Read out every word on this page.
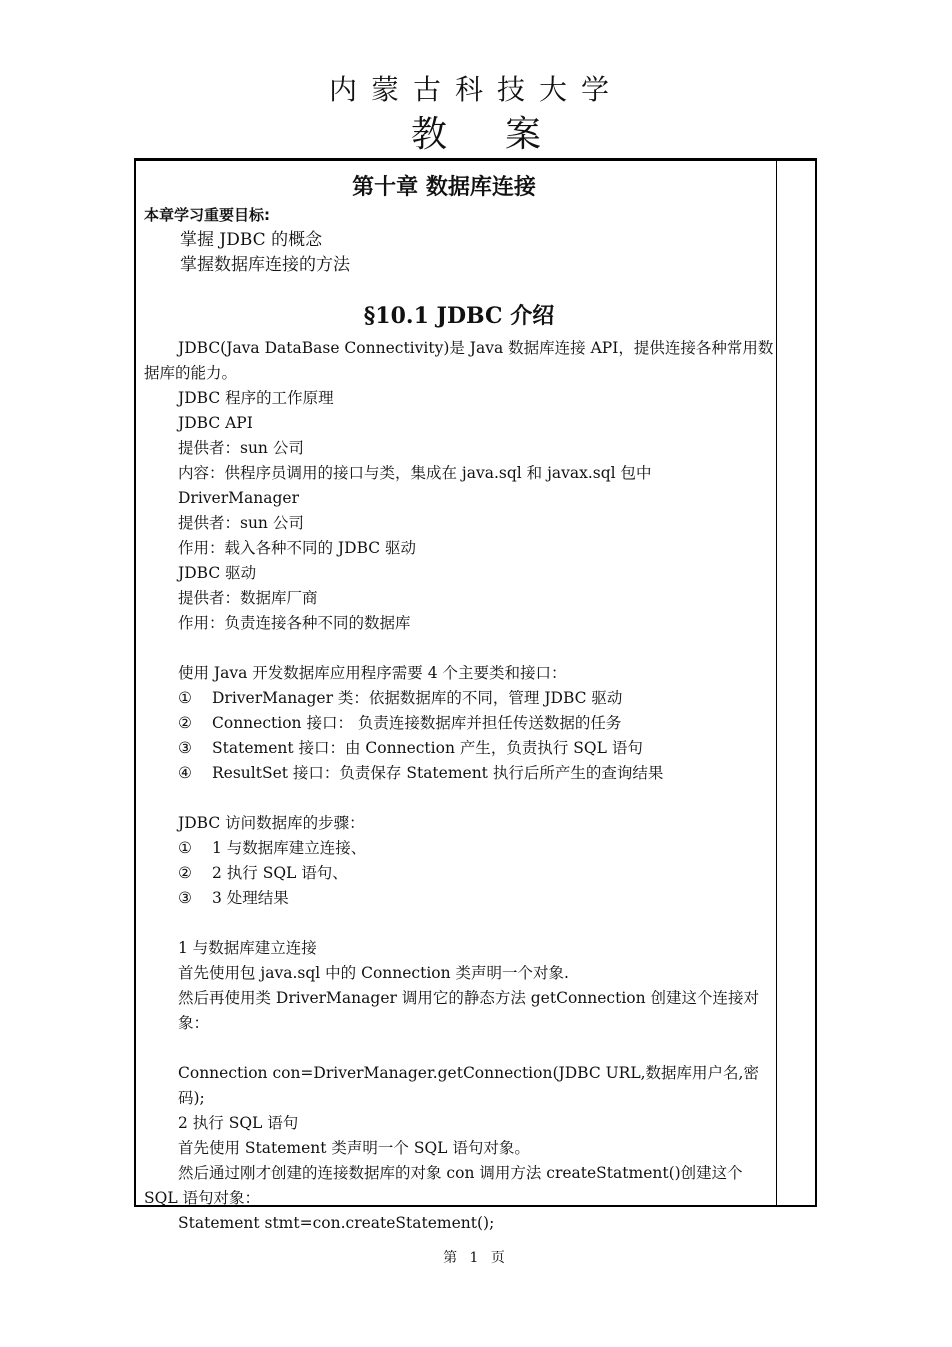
内蒙古科技大学
教 案
第十章 数据库连接
本章学习重要目标:
掌握 JDBC 的概念
掌握数据库连接的方法
§10.1 JDBC 介绍
JDBC(Java DataBase Connectivity)是 Java 数据库连接 API，提供连接各种常用数据库的能力。
JDBC 程序的工作原理
JDBC API
提供者：sun 公司
内容：供程序员调用的接口与类，集成在 java.sql 和 javax.sql 包中
DriverManager
提供者：sun 公司
作用：载入各种不同的 JDBC 驱动
JDBC 驱动
提供者：数据库厂商
作用：负责连接各种不同的数据库
使用 Java 开发数据库应用程序需要 4 个主要类和接口：
①	DriverManager 类：依据数据库的不同，管理 JDBC 驱动
②	Connection 接口： 负责连接数据库并担任传送数据的任务
③	Statement 接口：由 Connection 产生，负责执行 SQL 语句
④	ResultSet 接口：负责保存 Statement 执行后所产生的查询结果
JDBC 访问数据库的步骤：
①	1 与数据库建立连接、
②	2 执行 SQL 语句、
③	3 处理结果
1 与数据库建立连接
首先使用包 java.sql 中的 Connection 类声明一个对象.
然后再使用类 DriverManager 调用它的静态方法 getConnection 创建这个连接对象：
Connection con=DriverManager.getConnection(JDBC URL,数据库用户名,密码);
2 执行 SQL 语句
首先使用 Statement 类声明一个 SQL 语句对象。
然后通过刚才创建的连接数据库的对象 con 调用方法 createStatment()创建这个 SQL 语句对象：
Statement stmt=con.createStatement();
第 1 页
